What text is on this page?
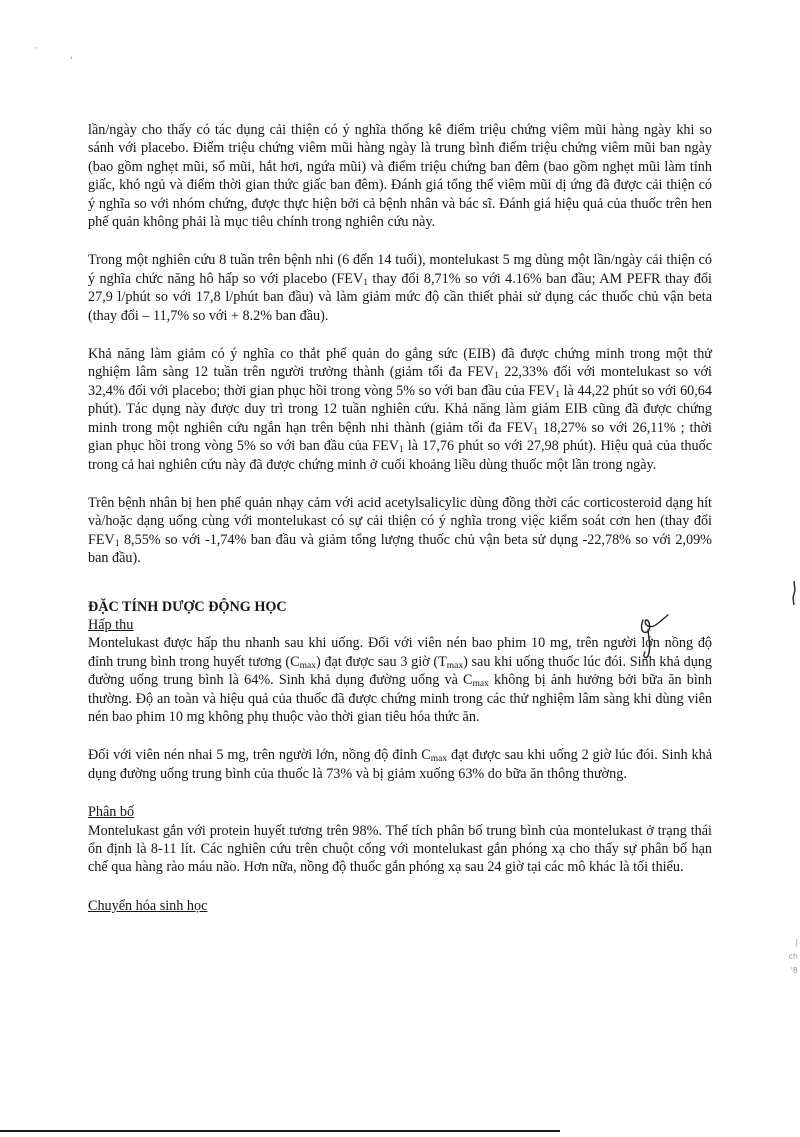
·
'

lần/ngày cho thấy có tác dụng cải thiện có ý nghĩa thống kê điểm triệu chứng viêm mũi hàng ngày khi so sánh với placebo. Điểm triệu chứng viêm mũi hàng ngày là trung bình điểm triệu chứng viêm mũi ban ngày (bao gồm nghẹt mũi, sổ mũi, hắt hơi, ngứa mũi) và điểm triệu chứng ban đêm (bao gồm nghẹt mũi làm tỉnh giấc, khó ngủ và điểm thời gian thức giấc ban đêm). Đánh giá tổng thể viêm mũi dị ứng đã được cải thiện có ý nghĩa so với nhóm chứng, được thực hiện bởi cả bệnh nhân và bác sĩ. Đánh giá hiệu quả của thuốc trên hen phế quản không phải là mục tiêu chính trong nghiên cứu này.

Trong một nghiên cứu 8 tuần trên bệnh nhi (6 đến 14 tuổi), montelukast 5 mg dùng một lần/ngày cải thiện có ý nghĩa chức năng hô hấp so với placebo ($FEV_1$ thay đổi 8,71% so với 4.16% ban đầu; AM PEFR thay đổi 27,9 l/phút so với 17,8 l/phút ban đầu) và làm giảm mức độ cần thiết phải sử dụng các thuốc chủ vận beta (thay đổi – 11,7% so với + 8.2% ban đầu).

Khả năng làm giảm có ý nghĩa co thắt phế quản do gắng sức (EIB) đã được chứng minh trong một thử nghiệm lâm sàng 12 tuần trên người trưởng thành (giảm tối đa $FEV_1$ 22,33% đối với montelukast so với 32,4% đối với placebo; thời gian phục hồi trong vòng 5% so với ban đầu của $FEV_1$ là 44,22 phút so với 60,64 phút). Tác dụng này được duy trì trong 12 tuần nghiên cứu. Khả năng làm giảm EIB cũng đã được chứng minh trong một nghiên cứu ngắn hạn trên bệnh nhi thành (giảm tối đa $FEV_1$ 18,27% so với 26,11% ; thời gian phục hồi trong vòng 5% so với ban đầu của $FEV_1$ là 17,76 phút so với 27,98 phút). Hiệu quả của thuốc trong cả hai nghiên cứu này đã được chứng minh ở cuối khoảng liều dùng thuốc một lần trong ngày.

Trên bệnh nhân bị hen phế quản nhạy cảm với acid acetylsalicylic dùng đồng thời các corticosteroid dạng hít và/hoặc dạng uống cùng với montelukast có sự cải thiện có ý nghĩa trong việc kiểm soát cơn hen (thay đổi $FEV_1$ 8,55% so với -1,74% ban đầu và giảm tổng lượng thuốc chủ vận beta sử dụng -22,78% so với 2,09% ban đầu).

ĐẶC TÍNH DƯỢC ĐỘNG HỌC

Hấp thu

Montelukast được hấp thu nhanh sau khi uống. Đối với viên nén bao phim 10 mg, trên người lớn nồng độ đỉnh trung bình trong huyết tương $(C_{max})$ đạt được sau 3 giờ $(T_{max})$ sau khi uống thuốc lúc đói. Sinh khả dụng đường uống trung bình là 64%. Sinh khả dụng đường uống và $C_{max}$ không bị ảnh hưởng bởi bữa ăn bình thường. Độ an toàn và hiệu quả của thuốc đã được chứng minh trong các thử nghiệm lâm sàng khi dùng viên nén bao phim 10 mg không phụ thuộc vào thời gian tiêu hóa thức ăn.

Đối với viên nén nhai 5 mg, trên người lớn, nồng độ đỉnh $C_{max}$ đạt được sau khi uống 2 giờ lúc đói. Sinh khả dụng đường uống trung bình của thuốc là 73% và bị giảm xuống 63% do bữa ăn thông thường.

Phân bố

Montelukast gắn với protein huyết tương trên 98%. Thể tích phân bố trung bình của montelukast ở trạng thái ổn định là 8-11 lít. Các nghiên cứu trên chuột cống với montelukast gắn phóng xạ cho thấy sự phân bố hạn chế qua hàng rào máu não. Hơn nữa, nồng độ thuốc gắn phóng xạ sau 24 giờ tại các mô khác là tối thiểu.

Chuyển hóa sinh học

J
ch
'8
